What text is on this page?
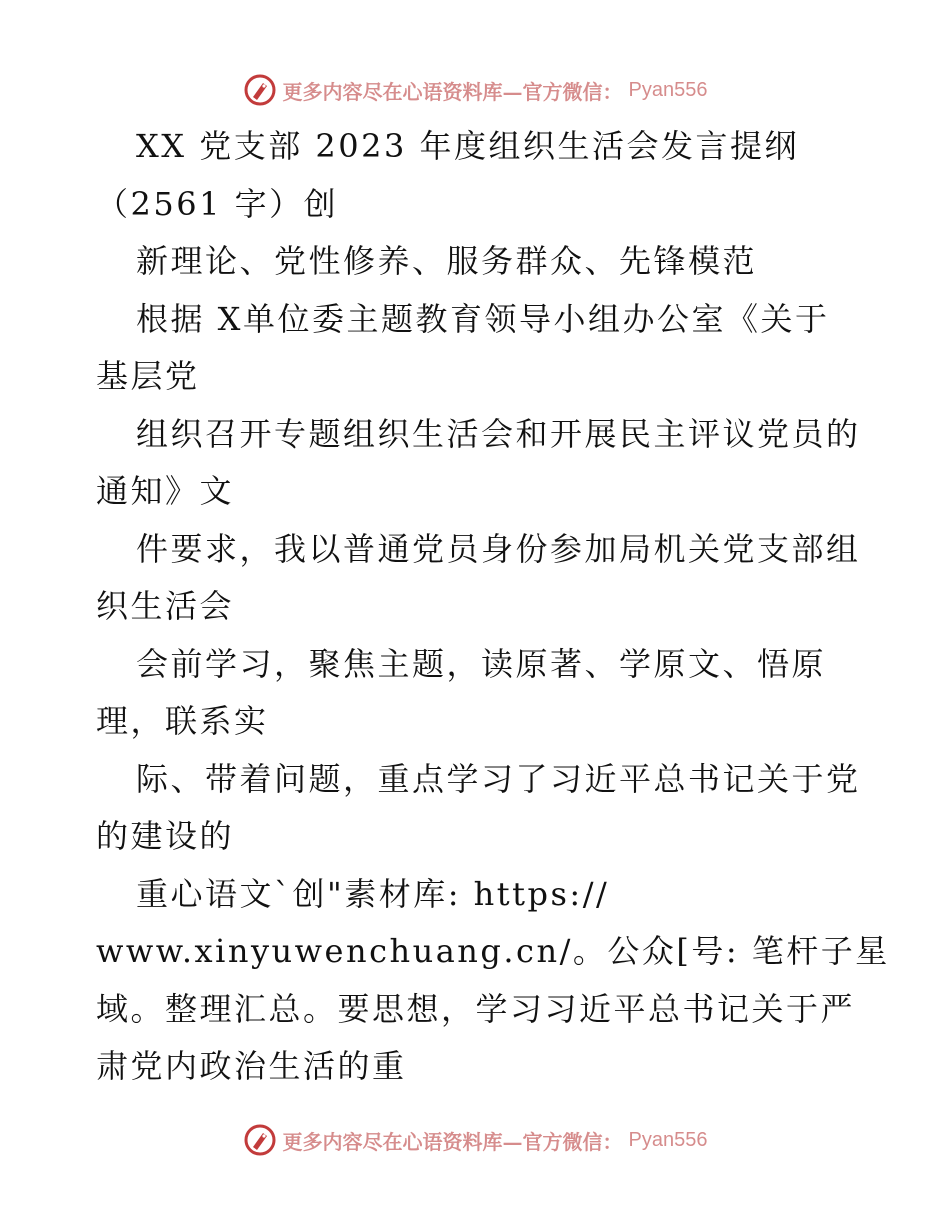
更多内容尽在心语资料库—官方微信： Pyan556
XX 党支部 2023 年度组织生活会发言提纲
（2561 字）创
新理论、党性修养、服务群众、先锋模范
根据 X单位委主题教育领导小组办公室《关于
基层党
组织召开专题组织生活会和开展民主评议党员的
通知》文
件要求，我以普通党员身份参加局机关党支部组
织生活会
会前学习，聚焦主题，读原著、学原文、悟原
理，联系实
际、带着问题，重点学习了习近平总书记关于党
的建设的
重心语文`创"素材库: https://
www.xinyuwenchuang.cn/。公众[号: 笔杆子星
域。整理汇总。要思想，学习习近平总书记关于严
肃党内政治生活的重
更多内容尽在心语资料库—官方微信： Pyan556
